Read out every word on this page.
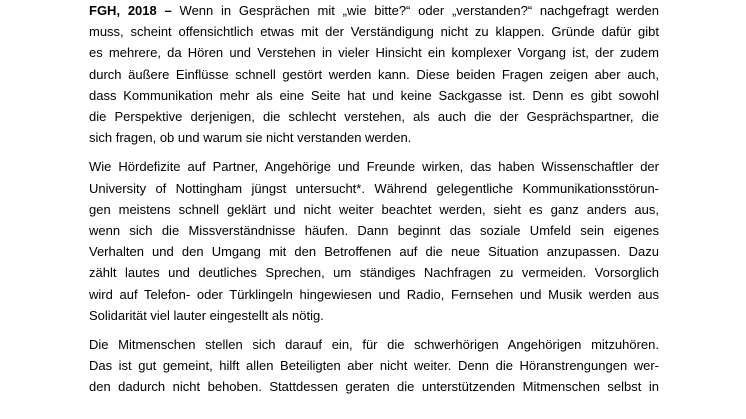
FGH, 2018 – Wenn in Gesprächen mit „wie bitte?“ oder „verstanden?“ nachgefragt werden
muss, scheint offensichtlich etwas mit der Verständigung nicht zu klappen. Gründe dafür gibt
es mehrere, da Hören und Verstehen in vieler Hinsicht ein komplexer Vorgang ist, der zudem
durch äußere Einflüsse schnell gestört werden kann. Diese beiden Fragen zeigen aber auch,
dass Kommunikation mehr als eine Seite hat und keine Sackgasse ist. Denn es gibt sowohl
die Perspektive derjenigen, die schlecht verstehen, als auch die der Gesprächspartner, die
sich fragen, ob und warum sie nicht verstanden werden.
Wie Hördefizite auf Partner, Angehörige und Freunde wirken, das haben Wissenschaftler der
University of Nottingham jüngst untersucht*. Während gelegentliche Kommunikationsstörun-
gen meistens schnell geklärt und nicht weiter beachtet werden, sieht es ganz anders aus,
wenn sich die Missverständnisse häufen. Dann beginnt das soziale Umfeld sein eigenes
Verhalten und den Umgang mit den Betroffenen auf die neue Situation anzupassen. Dazu
zählt lautes und deutliches Sprechen, um ständiges Nachfragen zu vermeiden. Vorsorglich
wird auf Telefon- oder Türklingeln hingewiesen und Radio, Fernsehen und Musik werden aus
Solidarität viel lauter eingestellt als nötig.
Die Mitmenschen stellen sich darauf ein, für die schwerhörigen Angehörigen mitzuhören.
Das ist gut gemeint, hilft allen Beteiligten aber nicht weiter. Denn die Höranstrengungen wer-
den dadurch nicht behoben. Stattdessen geraten die unterstützenden Mitmenschen selbst in
